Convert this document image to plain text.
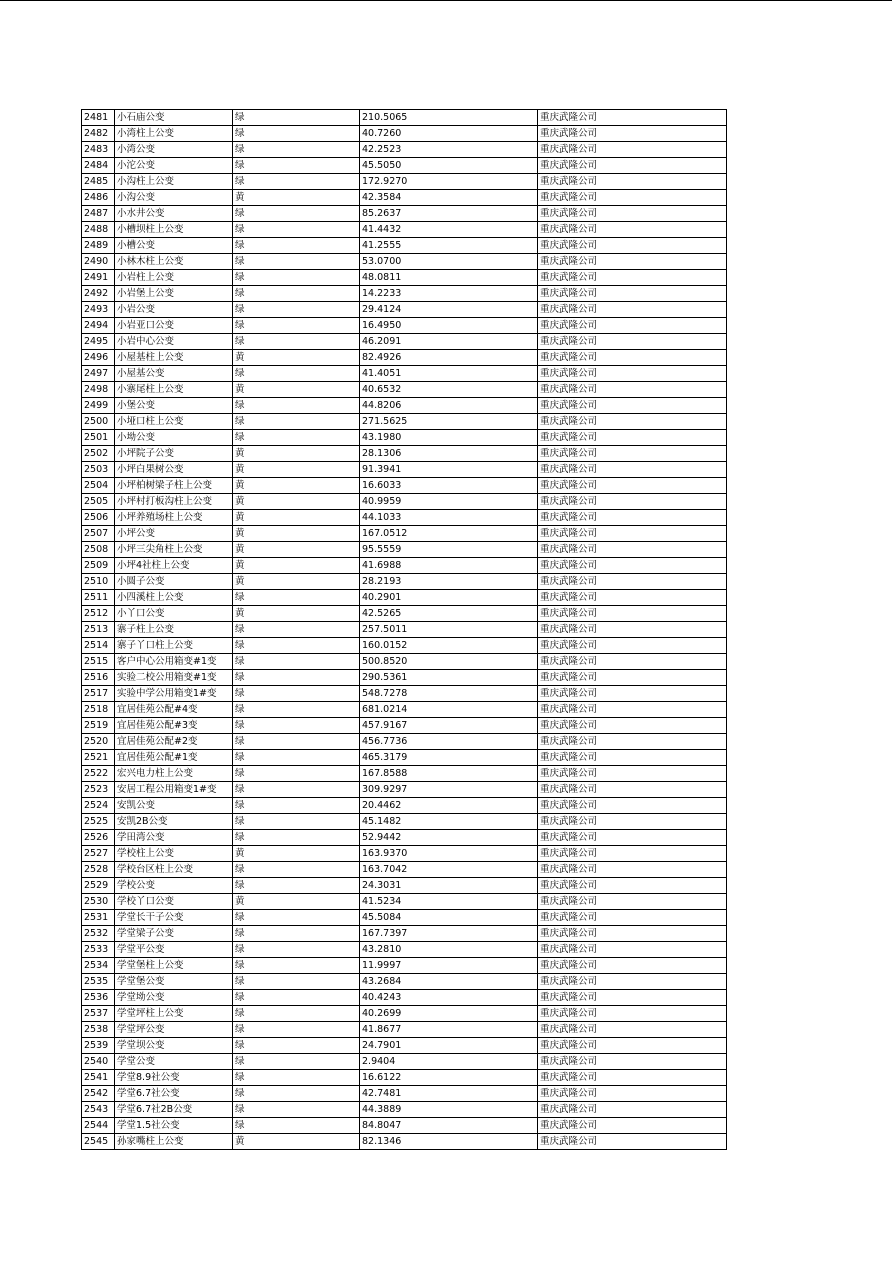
2481	小石庙公变	绿	210.5065	重庆武隆公司
2482	小湾柱上公变	绿	40.7260	重庆武隆公司
2483	小湾公变	绿	42.2523	重庆武隆公司
2484	小沱公变	绿	45.5050	重庆武隆公司
2485	小沟柱上公变	绿	172.9270	重庆武隆公司
2486	小沟公变	黄	42.3584	重庆武隆公司
2487	小水井公变	绿	85.2637	重庆武隆公司
2488	小槽坝柱上公变	绿	41.4432	重庆武隆公司
2489	小槽公变	绿	41.2555	重庆武隆公司
2490	小林木柱上公变	绿	53.0700	重庆武隆公司
2491	小岩柱上公变	绿	48.0811	重庆武隆公司
2492	小岩堡上公变	绿	14.2233	重庆武隆公司
2493	小岩公变	绿	29.4124	重庆武隆公司
2494	小岩亚口公变	绿	16.4950	重庆武隆公司
2495	小岩中心公变	绿	46.2091	重庆武隆公司
2496	小屋基柱上公变	黄	82.4926	重庆武隆公司
2497	小屋基公变	绿	41.4051	重庆武隆公司
2498	小寨尾柱上公变	黄	40.6532	重庆武隆公司
2499	小堡公变	绿	44.8206	重庆武隆公司
2500	小垭口柱上公变	绿	271.5625	重庆武隆公司
2501	小坳公变	绿	43.1980	重庆武隆公司
2502	小坪院子公变	黄	28.1306	重庆武隆公司
2503	小坪白果树公变	黄	91.3941	重庆武隆公司
2504	小坪柏树梁子柱上公变	黄	16.6033	重庆武隆公司
2505	小坪村打板沟柱上公变	黄	40.9959	重庆武隆公司
2506	小坪养殖场柱上公变	黄	44.1033	重庆武隆公司
2507	小坪公变	黄	167.0512	重庆武隆公司
2508	小坪三尖角柱上公变	黄	95.5559	重庆武隆公司
2509	小坪4社柱上公变	黄	41.6988	重庆武隆公司
2510	小圆子公变	黄	28.2193	重庆武隆公司
2511	小四溪柱上公变	绿	40.2901	重庆武隆公司
2512	小丫口公变	黄	42.5265	重庆武隆公司
2513	寨子柱上公变	绿	257.5011	重庆武隆公司
2514	寨子丫口柱上公变	绿	160.0152	重庆武隆公司
2515	客户中心公用箱变#1变	绿	500.8520	重庆武隆公司
2516	实验二校公用箱变#1变	绿	290.5361	重庆武隆公司
2517	实验中学公用箱变1#变	绿	548.7278	重庆武隆公司
2518	宜居佳苑公配#4变	绿	681.0214	重庆武隆公司
2519	宜居佳苑公配#3变	绿	457.9167	重庆武隆公司
2520	宜居佳苑公配#2变	绿	456.7736	重庆武隆公司
2521	宜居佳苑公配#1变	绿	465.3179	重庆武隆公司
2522	宏兴电力柱上公变	绿	167.8588	重庆武隆公司
2523	安居工程公用箱变1#变	绿	309.9297	重庆武隆公司
2524	安凯公变	绿	20.4462	重庆武隆公司
2525	安凯2B公变	绿	45.1482	重庆武隆公司
2526	学田湾公变	绿	52.9442	重庆武隆公司
2527	学校柱上公变	黄	163.9370	重庆武隆公司
2528	学校台区柱上公变	绿	163.7042	重庆武隆公司
2529	学校公变	绿	24.3031	重庆武隆公司
2530	学校丫口公变	黄	41.5234	重庆武隆公司
2531	学堂长干子公变	绿	45.5084	重庆武隆公司
2532	学堂梁子公变	绿	167.7397	重庆武隆公司
2533	学堂平公变	绿	43.2810	重庆武隆公司
2534	学堂堡柱上公变	绿	11.9997	重庆武隆公司
2535	学堂堡公变	绿	43.2684	重庆武隆公司
2536	学堂坳公变	绿	40.4243	重庆武隆公司
2537	学堂坪柱上公变	绿	40.2699	重庆武隆公司
2538	学堂坪公变	绿	41.8677	重庆武隆公司
2539	学堂坝公变	绿	24.7901	重庆武隆公司
2540	学堂公变	绿	2.9404	重庆武隆公司
2541	学堂8.9社公变	绿	16.6122	重庆武隆公司
2542	学堂6.7社公变	绿	42.7481	重庆武隆公司
2543	学堂6.7社2B公变	绿	44.3889	重庆武隆公司
2544	学堂1.5社公变	绿	84.8047	重庆武隆公司
2545	孙家嘴柱上公变	黄	82.1346	重庆武隆公司
